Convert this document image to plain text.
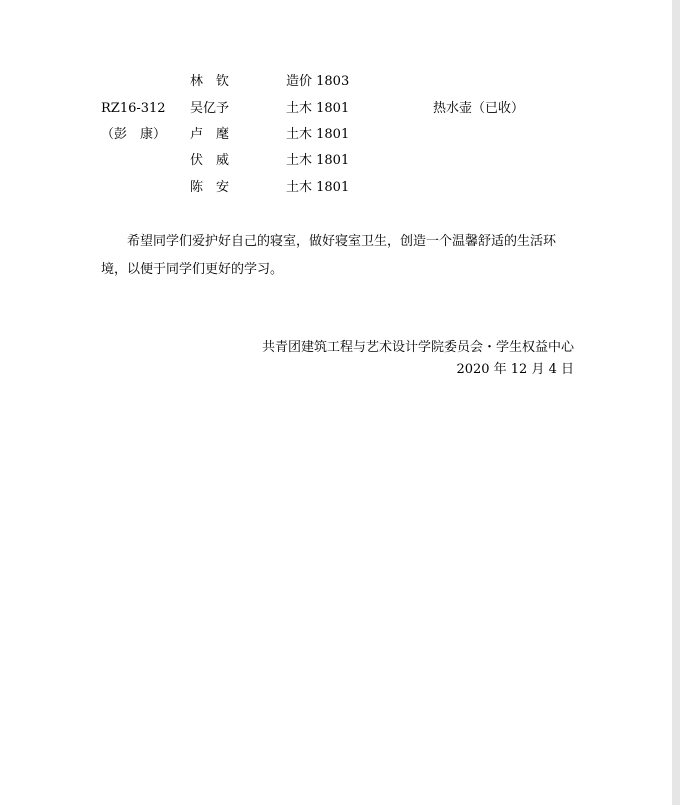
RZ16-312
（彭　康）
林　钦
吴亿予
卢　麾
伏　威
陈　安
造价 1803
土木 1801
土木 1801
土木 1801
土木 1801
热水壶（已收）
希望同学们爱护好自己的寝室，做好寝室卫生，创造一个温馨舒适的生活环
境，以便于同学们更好的学习。
共青团建筑工程与艺术设计学院委员会・学生权益中心
2020 年 12 月 4 日
